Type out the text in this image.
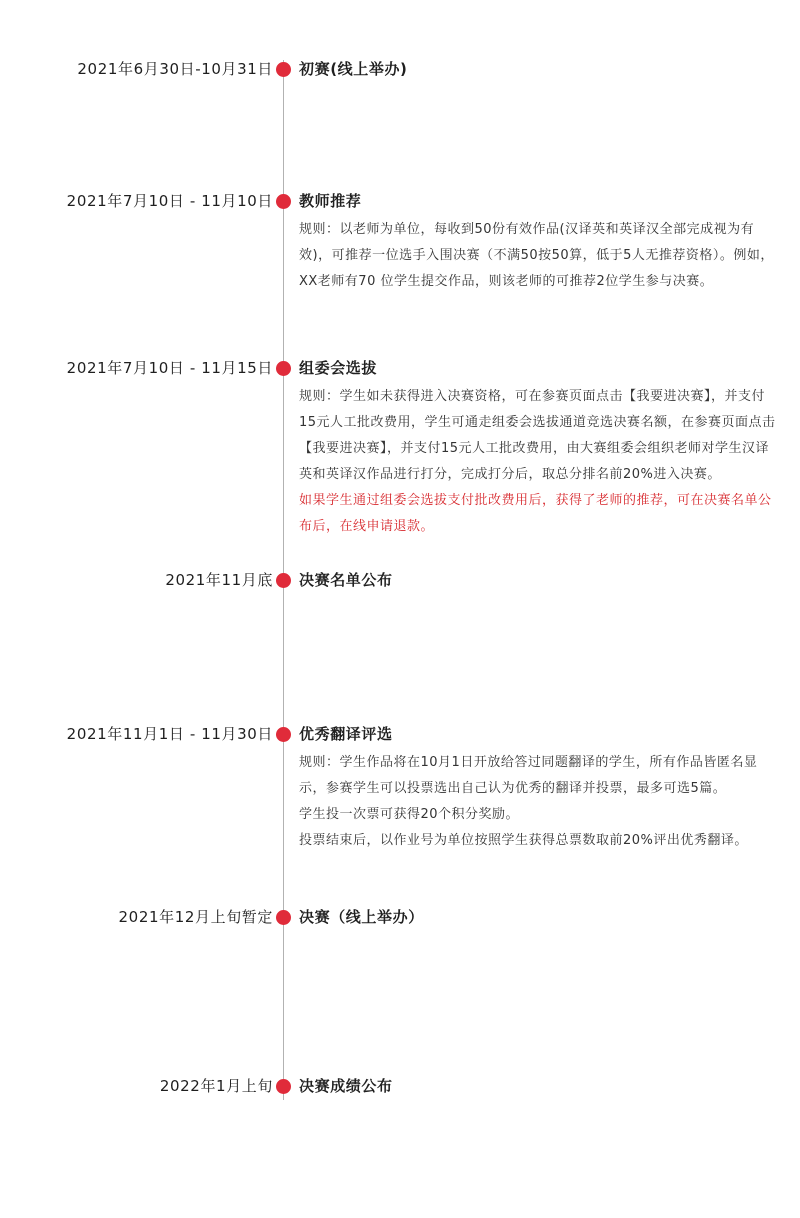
2021年6月30日-10月31日 初赛(线上举办)
2021年7月10日 - 11月10日 教师推荐

规则：以老师为单位，每收到50份有效作品(汉译英和英译汉全部完成视为有效)，可推荐一位选手入围决赛（不满50按50算，低于5人无推荐资格）。例如，XX老师有70 位学生提交作品，则该老师的可推荐2位学生参与决赛。

2021年7月10日 - 11月15日 组委会选拔

规则：学生如未获得进入决赛资格，可在参赛页面点击【我要进决赛】，并支付15元人工批改费用，学生可通走组委会选拔通道竞选决赛名额，在参赛页面点击【我要进决赛】，并支付15元人工批改费用，由大赛组委会组织老师对学生汉译英和英译汉作品进行打分，完成打分后，取总分排名前20%进入决赛。

如果学生通过组委会选拔支付批改费用后，获得了老师的推荐，可在决赛名单公布后，在线申请退款。

2021年11月底 决赛名单公布
2021年11月1日 - 11月30日 优秀翻译评选

规则：学生作品将在10月1日开放给答过同题翻译的学生，所有作品皆匿名显示，参赛学生可以投票选出自己认为优秀的翻译并投票，最多可选5篇。

学生投一次票可获得20个积分奖励。

投票结束后，以作业号为单位按照学生获得总票数取前20%评出优秀翻译。

2021年12月上旬暂定 决赛（线上举办）
2022年1月上旬 决赛成绩公布
